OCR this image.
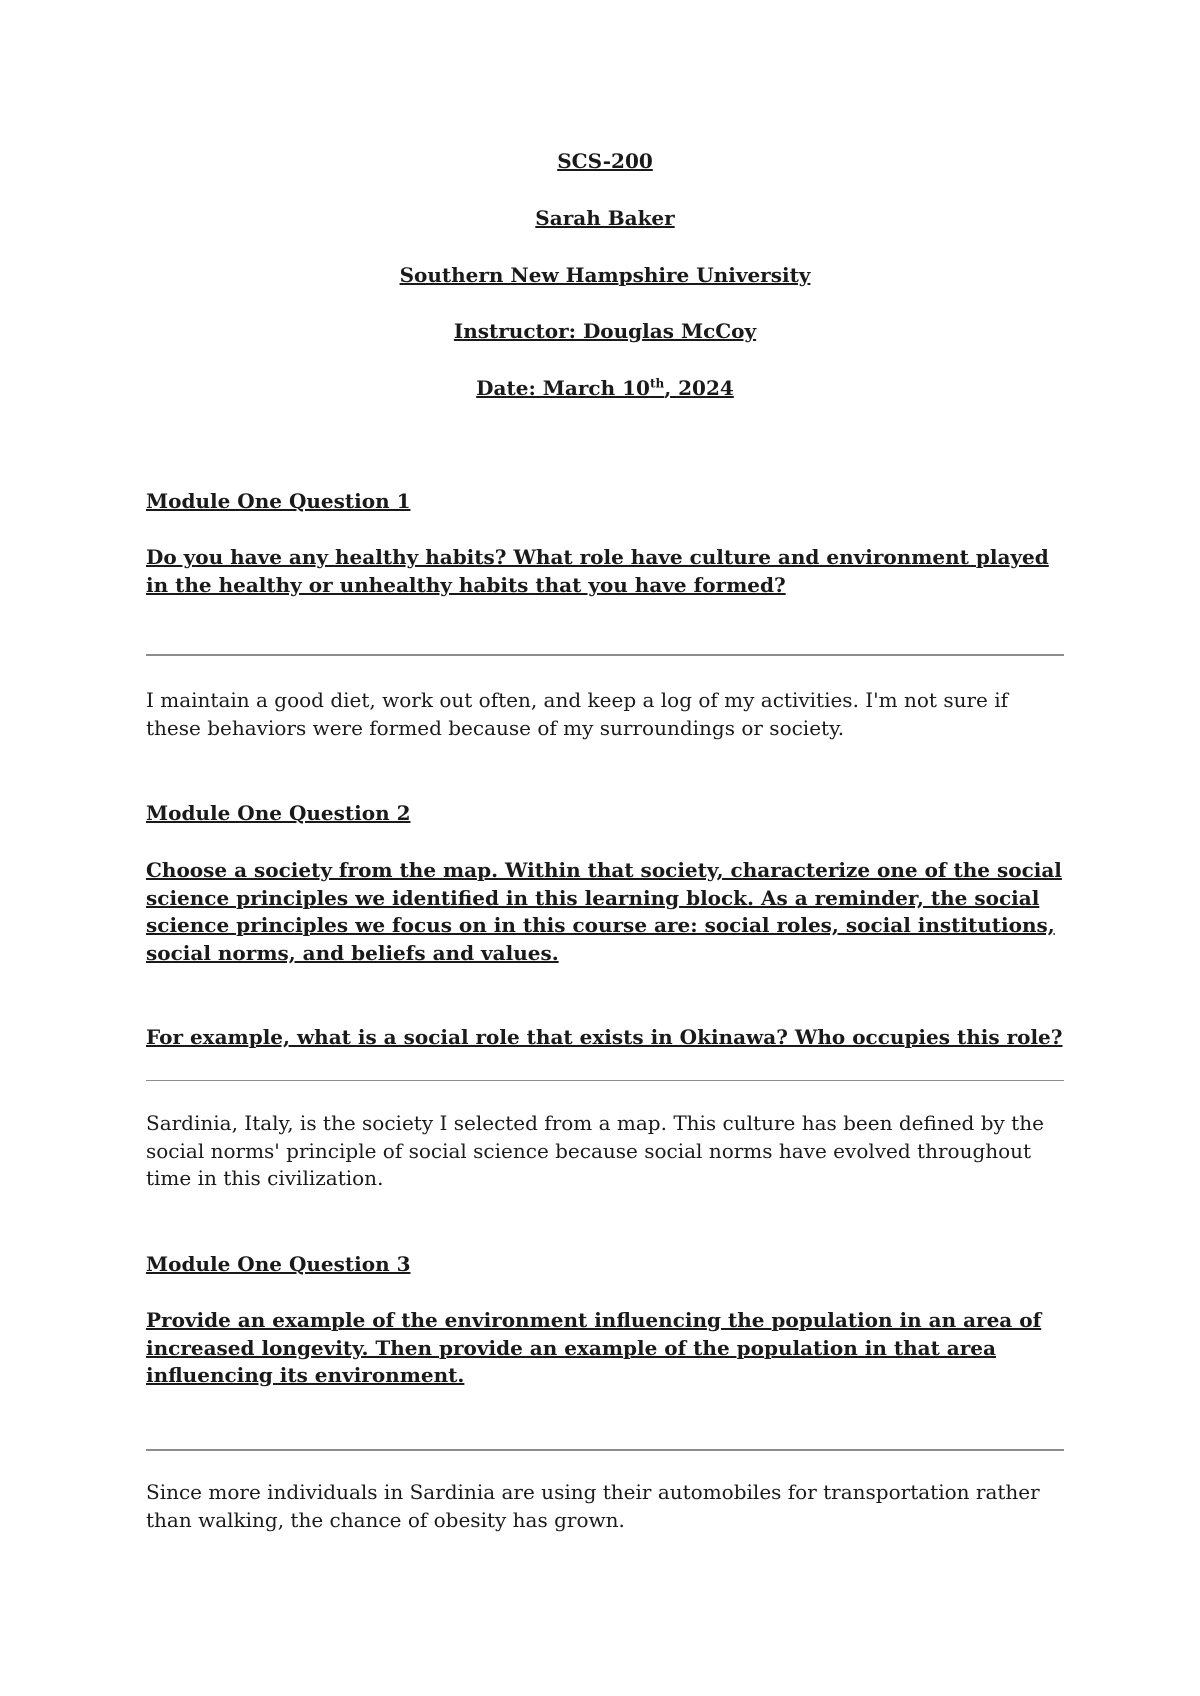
SCS-200
Sarah Baker
Southern New Hampshire University
Instructor: Douglas McCoy
Date: March 10th, 2024
Module One Question 1
Do you have any healthy habits? What role have culture and environment played in the healthy or unhealthy habits that you have formed?
I maintain a good diet, work out often, and keep a log of my activities. I'm not sure if these behaviors were formed because of my surroundings or society.
Module One Question 2
Choose a society from the map. Within that society, characterize one of the social science principles we identified in this learning block. As a reminder, the social science principles we focus on in this course are: social roles, social institutions, social norms, and beliefs and values.
For example, what is a social role that exists in Okinawa? Who occupies this role?
Sardinia, Italy, is the society I selected from a map. This culture has been defined by the social norms' principle of social science because social norms have evolved throughout time in this civilization.
Module One Question 3
Provide an example of the environment influencing the population in an area of increased longevity. Then provide an example of the population in that area influencing its environment.
Since more individuals in Sardinia are using their automobiles for transportation rather than walking, the chance of obesity has grown.
